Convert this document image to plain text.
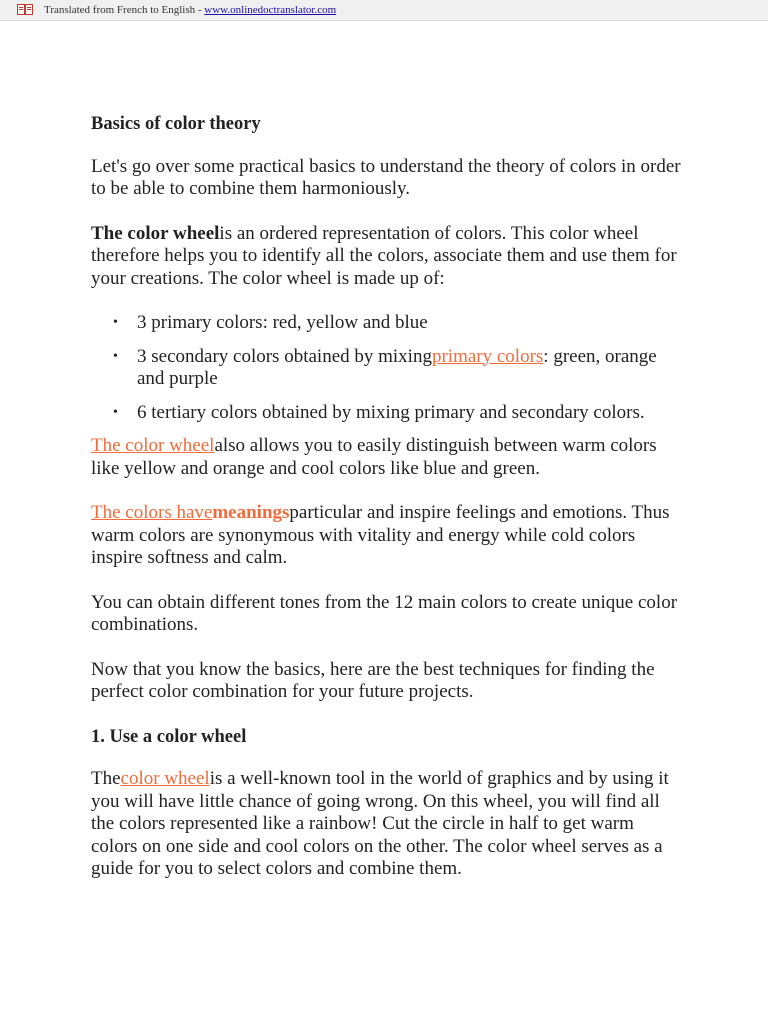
Translated from French to English - www.onlinedoctranslator.com

Basics of color theory

Let's go over some practical basics to understand the theory of colors in order to be able to combine them harmoniously.

The color wheelis an ordered representation of colors. This color wheel therefore helps you to identify all the colors, associate them and use them for your creations. The color wheel is made up of:

• 3 primary colors: red, yellow and blue
• 3 secondary colors obtained by mixingprimary colors: green, orange and purple
• 6 tertiary colors obtained by mixing primary and secondary colors.

The color wheelalso allows you to easily distinguish between warm colors like yellow and orange and cool colors like blue and green.

The colors havemeaningsparticular and inspire feelings and emotions. Thus warm colors are synonymous with vitality and energy while cold colors inspire softness and calm.

You can obtain different tones from the 12 main colors to create unique color combinations.

Now that you know the basics, here are the best techniques for finding the perfect color combination for your future projects.

1. Use a color wheel

Thecolor wheelis a well-known tool in the world of graphics and by using it you will have little chance of going wrong. On this wheel, you will find all the colors represented like a rainbow! Cut the circle in half to get warm colors on one side and cool colors on the other. The color wheel serves as a guide for you to select colors and combine them.
